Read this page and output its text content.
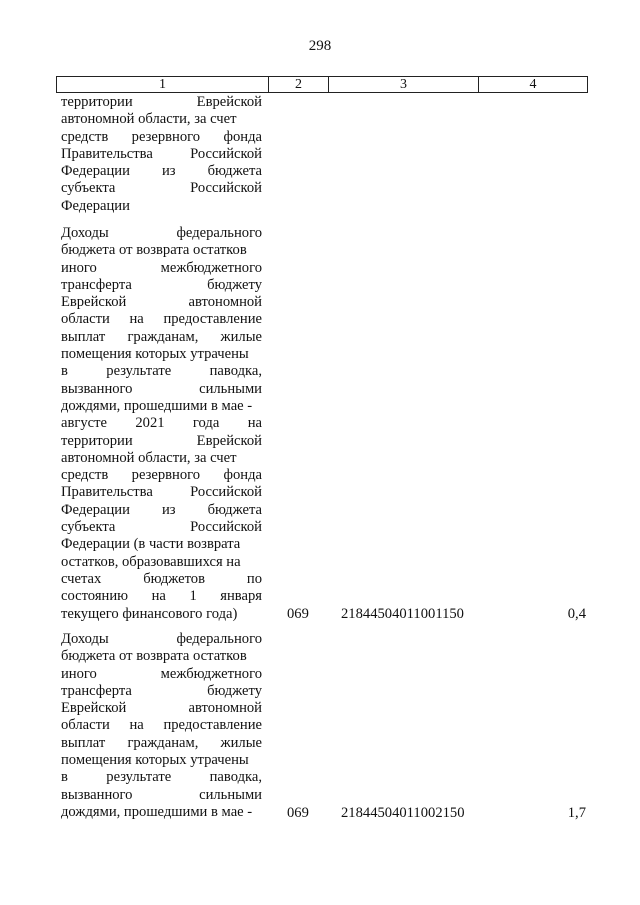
298
1	2	3	4
территории Еврейской
автономной области, за счет
средств резервного фонда
Правительства Российской
Федерации из бюджета
субъекта Российской
Федерации
Доходы федерального
бюджета от возврата остатков
иного межбюджетного
трансферта бюджету
Еврейской автономной
области на предоставление
выплат гражданам, жилые
помещения которых утрачены
в результате паводка,
вызванного сильными
дождями, прошедшими в мае -
августе 2021 года на
территории Еврейской
автономной области, за счет
средств резервного фонда
Правительства Российской
Федерации из бюджета
субъекта Российской
Федерации (в части возврата
остатков, образовавшихся на
счетах бюджетов по
состоянию на 1 января
текущего финансового года)	069	21844504011001150	0,4
Доходы федерального
бюджета от возврата остатков
иного межбюджетного
трансферта бюджету
Еврейской автономной
области на предоставление
выплат гражданам, жилые
помещения которых утрачены
в результате паводка,
вызванного сильными
дождями, прошедшими в мае -	069	21844504011002150	1,7
